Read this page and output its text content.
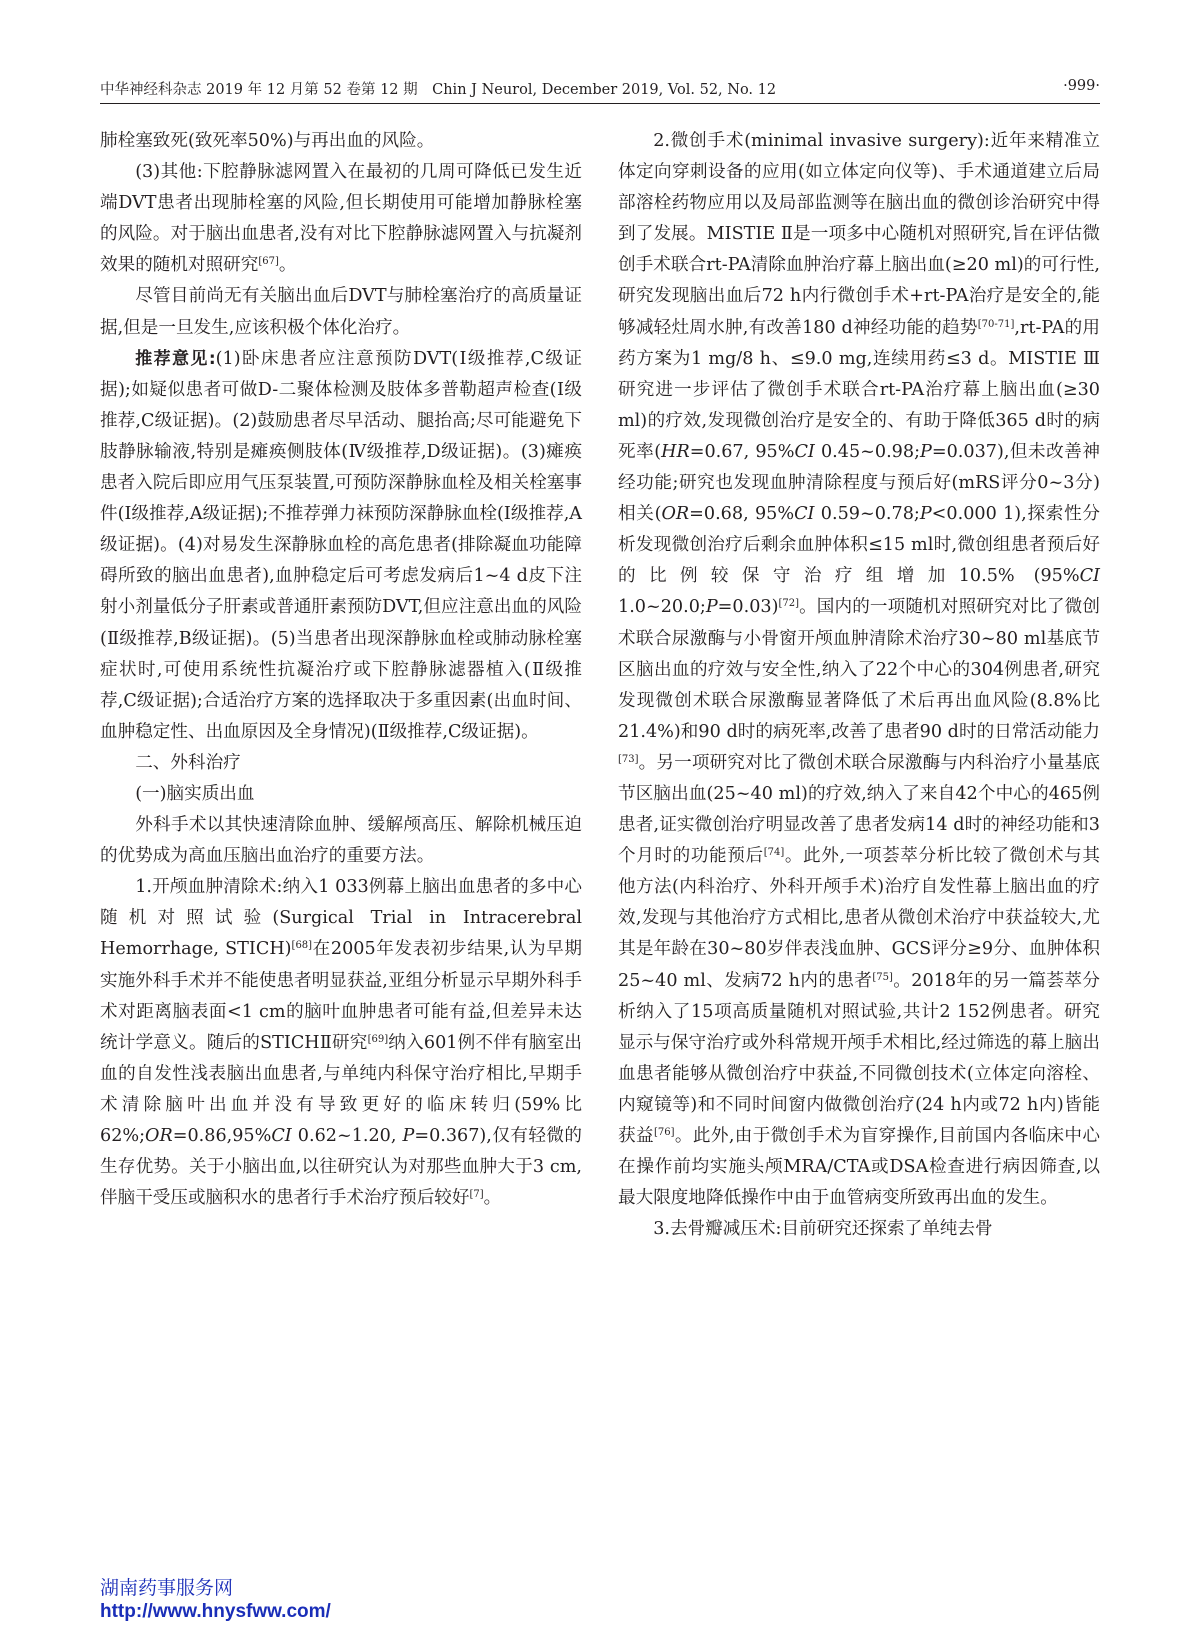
中华神经科杂志 2019 年 12 月第 52 卷第 12 期　Chin J Neurol, December 2019, Vol. 52, No. 12	·999·

肺栓塞致死(致死率50%)与再出血的风险。

(3)其他:下腔静脉滤网置入在最初的几周可降低已发生近端DVT患者出现肺栓塞的风险,但长期使用可能增加静脉栓塞的风险。对于脑出血患者,没有对比下腔静脉滤网置入与抗凝剂效果的随机对照研究[67]。

尽管目前尚无有关脑出血后DVT与肺栓塞治疗的高质量证据,但是一旦发生,应该积极个体化治疗。

推荐意见:(1)卧床患者应注意预防DVT(Ⅰ级推荐,C级证据);如疑似患者可做D-二聚体检测及肢体多普勒超声检查(Ⅰ级推荐,C级证据)。(2)鼓励患者尽早活动、腿抬高;尽可能避免下肢静脉输液,特别是瘫痪侧肢体(Ⅳ级推荐,D级证据)。(3)瘫痪患者入院后即应用气压泵装置,可预防深静脉血栓及相关栓塞事件(Ⅰ级推荐,A级证据);不推荐弹力袜预防深静脉血栓(Ⅰ级推荐,A级证据)。(4)对易发生深静脉血栓的高危患者(排除凝血功能障碍所致的脑出血患者),血肿稳定后可考虑发病后1~4 d皮下注射小剂量低分子肝素或普通肝素预防DVT,但应注意出血的风险(Ⅱ级推荐,B级证据)。(5)当患者出现深静脉血栓或肺动脉栓塞症状时,可使用系统性抗凝治疗或下腔静脉滤器植入(Ⅱ级推荐,C级证据);合适治疗方案的选择取决于多重因素(出血时间、血肿稳定性、出血原因及全身情况)(Ⅱ级推荐,C级证据)。

二、外科治疗

(一)脑实质出血

外科手术以其快速清除血肿、缓解颅高压、解除机械压迫的优势成为高血压脑出血治疗的重要方法。

1.开颅血肿清除术:纳入1 033例幕上脑出血患者的多中心随机对照试验(Surgical Trial in Intracerebral Hemorrhage, STICH)[68]在2005年发表初步结果,认为早期实施外科手术并不能使患者明显获益,亚组分析显示早期外科手术对距离脑表面<1 cm的脑叶血肿患者可能有益,但差异未达统计学意义。随后的STICHⅡ研究[69]纳入601例不伴有脑室出血的自发性浅表脑出血患者,与单纯内科保守治疗相比,早期手术清除脑叶出血并没有导致更好的临床转归(59%比62%;OR=0.86,95%CI 0.62~1.20, P=0.367),仅有轻微的生存优势。关于小脑出血,以往研究认为对那些血肿大于3 cm,伴脑干受压或脑积水的患者行手术治疗预后较好[7]。

2.微创手术(minimal invasive surgery):近年来精准立体定向穿刺设备的应用(如立体定向仪等)、手术通道建立后局部溶栓药物应用以及局部监测等在脑出血的微创诊治研究中得到了发展。MISTIE Ⅱ是一项多中心随机对照研究,旨在评估微创手术联合rt-PA清除血肿治疗幕上脑出血(≥20 ml)的可行性,研究发现脑出血后72 h内行微创手术+rt-PA治疗是安全的,能够减轻灶周水肿,有改善180 d神经功能的趋势[70-71],rt-PA的用药方案为1 mg/8 h、≤9.0 mg,连续用药≤3 d。MISTIE Ⅲ研究进一步评估了微创手术联合rt-PA治疗幕上脑出血(≥30 ml)的疗效,发现微创治疗是安全的、有助于降低365 d时的病死率(HR=0.67, 95%CI 0.45~0.98;P=0.037),但未改善神经功能;研究也发现血肿清除程度与预后好(mRS评分0~3分)相关(OR=0.68, 95%CI 0.59~0.78;P<0.000 1),探索性分析发现微创治疗后剩余血肿体积≤15 ml时,微创组患者预后好的比例较保守治疗组增加10.5% (95%CI 1.0~20.0;P=0.03)[72]。国内的一项随机对照研究对比了微创术联合尿激酶与小骨窗开颅血肿清除术治疗30~80 ml基底节区脑出血的疗效与安全性,纳入了22个中心的304例患者,研究发现微创术联合尿激酶显著降低了术后再出血风险(8.8%比21.4%)和90 d时的病死率,改善了患者90 d时的日常活动能力[73]。另一项研究对比了微创术联合尿激酶与内科治疗小量基底节区脑出血(25~40 ml)的疗效,纳入了来自42个中心的465例患者,证实微创治疗明显改善了患者发病14 d时的神经功能和3个月时的功能预后[74]。此外,一项荟萃分析比较了微创术与其他方法(内科治疗、外科开颅手术)治疗自发性幕上脑出血的疗效,发现与其他治疗方式相比,患者从微创术治疗中获益较大,尤其是年龄在30~80岁伴表浅血肿、GCS评分≥9分、血肿体积25~40 ml、发病72 h内的患者[75]。2018年的另一篇荟萃分析纳入了15项高质量随机对照试验,共计2 152例患者。研究显示与保守治疗或外科常规开颅手术相比,经过筛选的幕上脑出血患者能够从微创治疗中获益,不同微创技术(立体定向溶栓、内窥镜等)和不同时间窗内做微创治疗(24 h内或72 h内)皆能获益[76]。此外,由于微创手术为盲穿操作,目前国内各临床中心在操作前均实施头颅MRA/CTA或DSA检查进行病因筛查,以最大限度地降低操作中由于血管病变所致再出血的发生。

3.去骨瓣减压术:目前研究还探索了单纯去骨

湖南药事服务网
http://www.hnysfww.com/
